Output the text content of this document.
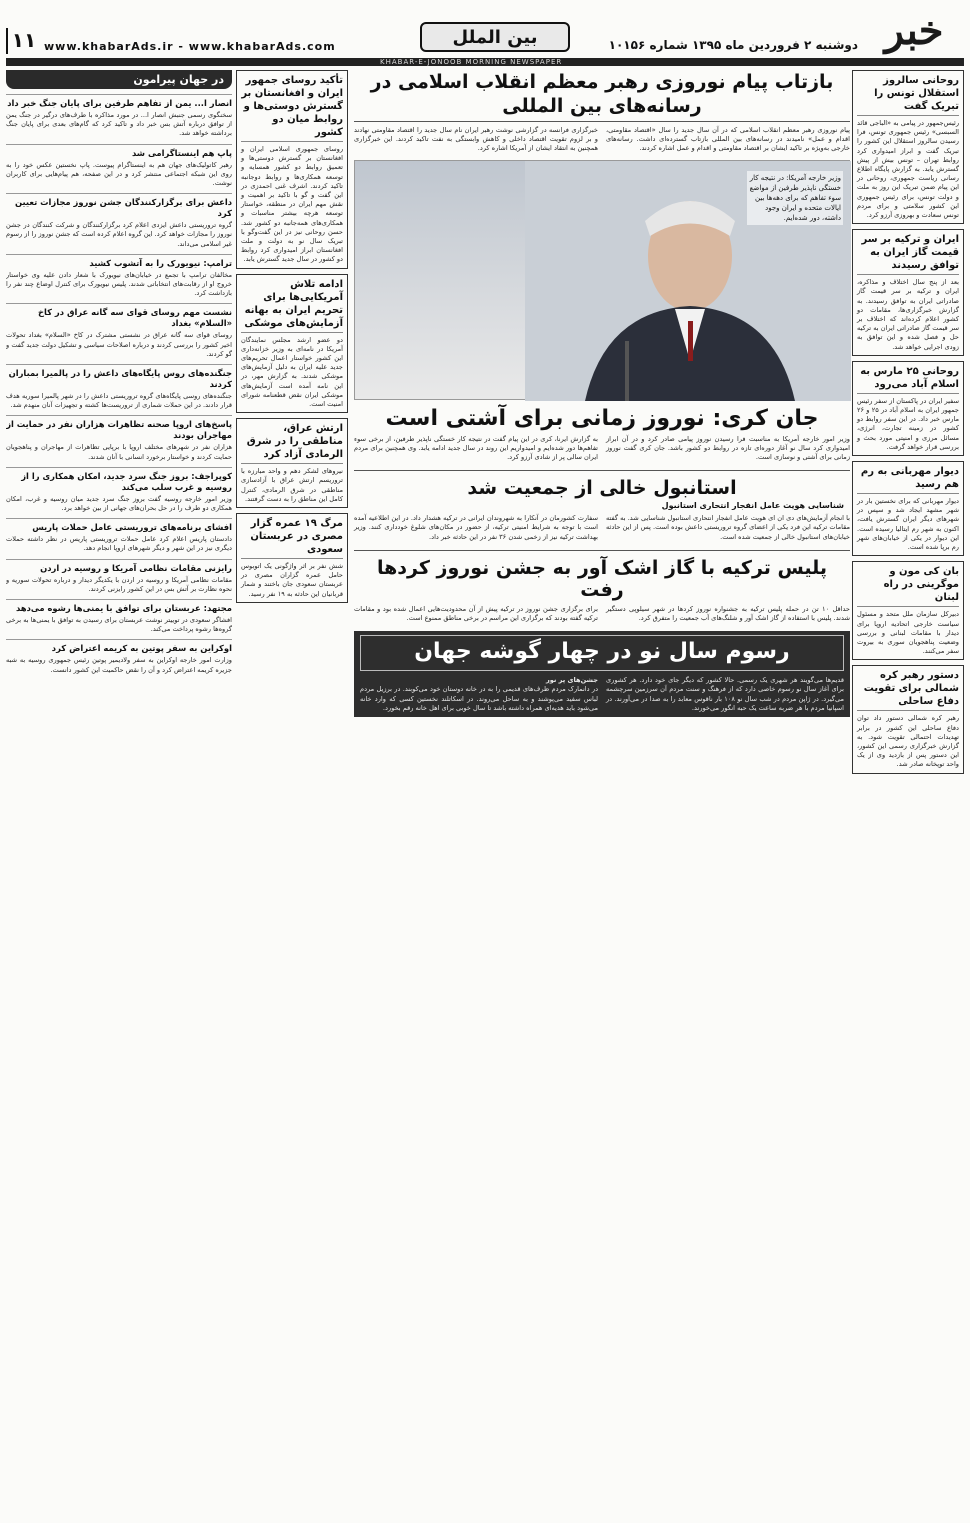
خبر
دوشنبه ۲ فروردین ماه ۱۳۹۵ شماره ۱۰۱۵۶
بین الملل
www.khabarAds.ir - www.khabarAds.com
۱۱
KHABAR-E-JONOOB MORNING NEWSPAPER
روحانی سالروز استقلال تونس را تبریک گفت
رئیس‌جمهور در پیامی به «الباجی قائد السبسی» رئیس جمهوری تونس، فرا رسیدن سالروز استقلال این کشور را تبریک گفت و ابراز امیدواری کرد روابط تهران – تونس بیش از پیش گسترش یابد. به گزارش پایگاه اطلاع رسانی ریاست جمهوری، روحانی در این پیام ضمن تبریک این روز به ملت و دولت تونس، برای رئیس جمهوری این کشور سلامتی و برای مردم تونس سعادت و بهروزی آرزو کرد.
ایران و ترکیه بر سر قیمت گاز ایران به توافق رسیدند
بعد از پنج سال اختلاف و مذاکره، ایران و ترکیه بر سر قیمت گاز صادراتی ایران به توافق رسیدند. به گزارش خبرگزاری‌ها، مقامات دو کشور اعلام کرده‌اند که اختلاف بر سر قیمت گاز صادراتی ایران به ترکیه حل و فصل شده و این توافق به زودی اجرایی خواهد شد.
روحانی ۲۵ مارس به اسلام آباد می‌رود
سفیر ایران در پاکستان از سفر رئیس جمهور ایران به اسلام آباد در ۲۵ و ۲۶ مارس خبر داد. در این سفر روابط دو کشور در زمینه تجارت، انرژی، مسائل مرزی و امنیتی مورد بحث و بررسی قرار خواهد گرفت.
دیوار مهربانی به رم هم رسید
دیوار مهربانی که برای نخستین بار در شهر مشهد ایجاد شد و سپس در شهرهای دیگر ایران گسترش یافت، اکنون به شهر رم ایتالیا رسیده است. این دیوار در یکی از خیابان‌های شهر رم برپا شده است.
بان کی مون و موگرینی در راه لبنان
دبیرکل سازمان ملل متحد و مسئول سیاست خارجی اتحادیه اروپا برای دیدار با مقامات لبنانی و بررسی وضعیت پناهجویان سوری به بیروت سفر می‌کنند.
دستور رهبر کره شمالی برای تقویت دفاع ساحلی
رهبر کره شمالی دستور داد توان دفاع ساحلی این کشور در برابر تهدیدات احتمالی تقویت شود. به گزارش خبرگزاری رسمی این کشور، این دستور پس از بازدید وی از یک واحد توپخانه صادر شد.
بازتاب پیام نوروزی رهبر معظم انقلاب اسلامی در رسانه‌های بین المللی
پیام نوروزی رهبر معظم انقلاب اسلامی که در آن سال جدید را سال «اقتصاد مقاومتی، اقدام و عمل» نامیدند در رسانه‌های بین المللی بازتاب گسترده‌ای داشت. رسانه‌های خارجی به‌ویژه بر تاکید ایشان بر اقتصاد مقاومتی و اقدام و عمل اشاره کردند.
خبرگزاری فرانسه در گزارشی نوشت رهبر ایران نام سال جدید را اقتصاد مقاومتی نهادند و بر لزوم تقویت اقتصاد داخلی و کاهش وابستگی به نفت تاکید کردند. این خبرگزاری همچنین به انتقاد ایشان از آمریکا اشاره کرد.
وزیر خارجه آمریکا: در نتیجه کار خستگی ناپذیر طرفین از مواضع سوء تفاهم که برای دهه‌ها بین ایالات متحده و ایران وجود داشته، دور شده‌ایم.
جان کری: نوروز زمانی برای آشتی است
وزیر امور خارجه آمریکا به مناسبت فرا رسیدن نوروز پیامی صادر کرد و در آن ابراز امیدواری کرد سال نو آغاز دوره‌ای تازه در روابط دو کشور باشد. جان کری گفت نوروز زمانی برای آشتی و نوسازی است.
به گزارش ایرنا، کری در این پیام گفت در نتیجه کار خستگی ناپذیر طرفین، از برخی سوء تفاهم‌ها دور شده‌ایم و امیدواریم این روند در سال جدید ادامه یابد. وی همچنین برای مردم ایران سالی پر از شادی آرزو کرد.
استانبول خالی از جمعیت شد
شناسایی هویت عامل انفجار انتحاری استانبول
با انجام آزمایش‌های دی ان ای هویت عامل انفجار انتحاری استانبول شناسایی شد. به گفته مقامات ترکیه این فرد یکی از اعضای گروه تروریستی داعش بوده است. پس از این حادثه خیابان‌های استانبول خالی از جمعیت شده است.
سفارت کشورمان در آنکارا به شهروندان ایرانی در ترکیه هشدار داد. در این اطلاعیه آمده است با توجه به شرایط امنیتی ترکیه، از حضور در مکان‌های شلوغ خودداری کنند. وزیر بهداشت ترکیه نیز از زخمی شدن ۳۶ نفر در این حادثه خبر داد.
پلیس ترکیه با گاز اشک آور به جشن نوروز کردها رفت
حداقل ۱۰ تن در حمله پلیس ترکیه به جشنواره نوروز کردها در شهر سیلوپی دستگیر شدند. پلیس با استفاده از گاز اشک آور و شلنگ‌های آب جمعیت را متفرق کرد.
برای برگزاری جشن نوروز در ترکیه پیش از آن محدودیت‌هایی اعمال شده بود و مقامات ترکیه گفته بودند که برگزاری این مراسم در برخی مناطق ممنوع است.
رسوم سال نو در چهار گوشه جهان
قدیم‌ها می‌گویند هر شهری یک رسمی. حالا کشور که دیگر جای خود دارد. هر کشوری برای آغاز سال نو رسوم خاصی دارد که از فرهنگ و سنت مردم آن سرزمین سرچشمه می‌گیرد. در ژاپن مردم در شب سال نو ۱۰۸ بار ناقوس معابد را به صدا در می‌آورند. در اسپانیا مردم با هر ضربه ساعت یک حبه انگور می‌خورند.
جشن‌های پر نور
در دانمارک مردم ظرف‌های قدیمی را به در خانه دوستان خود می‌کوبند. در برزیل مردم لباس سفید می‌پوشند و به ساحل می‌روند. در اسکاتلند نخستین کسی که وارد خانه می‌شود باید هدیه‌ای همراه داشته باشد تا سال خوبی برای اهل خانه رقم بخورد.
تأکید روسای جمهور ایران و افغانستان بر گسترش دوستی‌ها و روابط میان دو کشور
روسای جمهوری اسلامی ایران و افغانستان بر گسترش دوستی‌ها و تعمیق روابط دو کشور همسایه و توسعه همکاری‌ها و روابط دوجانبه تاکید کردند. اشرف غنی احمدزی در این گفت و گو با تاکید بر اهمیت و نقش مهم ایران در منطقه، خواستار توسعه هرچه بیشتر مناسبات و همکاری‌های همه‌جانبه دو کشور شد. حسن روحانی نیز در این گفت‌وگو با تبریک سال نو به دولت و ملت افغانستان ابراز امیدواری کرد روابط دو کشور در سال جدید گسترش یابد.
ادامه تلاش آمریکایی‌ها برای تحریم ایران به بهانه آزمایش‌های موشکی
دو عضو ارشد مجلس نمایندگان آمریکا در نامه‌ای به وزیر خزانه‌داری این کشور خواستار اعمال تحریم‌های جدید علیه ایران به دلیل آزمایش‌های موشکی شدند. به گزارش مهر، در این نامه آمده است آزمایش‌های موشکی ایران نقض قطعنامه شورای امنیت است.
ارتش عراق، مناطقی را در شرق الرمادی آزاد کرد
نیروهای لشکر دهم و واحد مبارزه با تروریسم ارتش عراق با آزادسازی مناطقی در شرق الرمادی، کنترل کامل این مناطق را به دست گرفتند.
مرگ ۱۹ عمره گزار مصری در عربستان سعودی
شش نفر بر اثر واژگونی یک اتوبوس حامل عمره گزاران مصری در عربستان سعودی جان باختند و شمار قربانیان این حادثه به ۱۹ نفر رسید.
در جهان پیرامون
انصار ا... یمن از تفاهم طرفین برای پایان جنگ خبر داد
سخنگوی رسمی جنبش انصار ا... در مورد مذاکره با طرف‌های درگیر در جنگ یمن از توافق درباره آتش بس خبر داد و تاکید کرد که گام‌های بعدی برای پایان جنگ برداشته خواهد شد.
پاپ هم اینستاگرامی شد
رهبر کاتولیک‌های جهان هم به اینستاگرام پیوست. پاپ نخستین عکس خود را به روی این شبکه اجتماعی منتشر کرد و در این صفحه، هم پیام‌هایی برای کاربران نوشت.
داعش برای برگزارکنندگان جشن نوروز مجازات تعیین کرد
گروه تروریستی داعش ایزدی اعلام کرد برگزارکنندگان و شرکت کنندگان در جشن نوروز را مجازات خواهد کرد. این گروه اعلام کرده است که جشن نوروز را از رسوم غیر اسلامی می‌داند.
ترامپ: نیویورک را به آتشوب کشید
مخالفان ترامپ با تجمع در خیابان‌های نیویورک با شعار دادن علیه وی خواستار خروج او از رقابت‌های انتخاباتی شدند. پلیس نیویورک برای کنترل اوضاع چند نفر را بازداشت کرد.
نشست مهم روسای قوای سه گانه عراق در کاخ «السلام» بغداد
روسای قوای سه گانه عراق در نشستی مشترک در کاخ «السلام» بغداد تحولات اخیر کشور را بررسی کردند و درباره اصلاحات سیاسی و تشکیل دولت جدید گفت و گو کردند.
جنگنده‌های روس پایگاه‌های داعش را در پالمیرا بمباران کردند
جنگنده‌های روسی پایگاه‌های گروه تروریستی داعش را در شهر پالمیرا سوریه هدف قرار دادند. در این حملات شماری از تروریست‌ها کشته و تجهیزات آنان منهدم شد.
پاسخ‌های اروپا صحنه تظاهرات هزاران نفر در حمایت از مهاجران بودند
هزاران نفر در شهرهای مختلف اروپا با برپایی تظاهرات از مهاجران و پناهجویان حمایت کردند و خواستار برخورد انسانی با آنان شدند.
کوپراجف: بروز جنگ سرد جدید، امکان همکاری را از روسیه و غرب سلب می‌کند
وزیر امور خارجه روسیه گفت بروز جنگ سرد جدید میان روسیه و غرب، امکان همکاری دو طرف را در حل بحران‌های جهانی از بین خواهد برد.
افشای برنامه‌های تروریستی عامل حملات پاریس
دادستان پاریس اعلام کرد عامل حملات تروریستی پاریس در نظر داشته حملات دیگری نیز در این شهر و دیگر شهرهای اروپا انجام دهد.
رایزنی مقامات نظامی آمریکا و روسیه در اردن
مقامات نظامی آمریکا و روسیه در اردن با یکدیگر دیدار و درباره تحولات سوریه و نحوه نظارت بر آتش بس در این کشور رایزنی کردند.
مجتهد: عربستان برای توافق با یمنی‌ها رشوه می‌دهد
افشاگر سعودی در توییتر نوشت عربستان برای رسیدن به توافق با یمنی‌ها به برخی گروه‌ها رشوه پرداخت می‌کند.
اوکراین به سفر پوتین به کریمه اعتراض کرد
وزارت امور خارجه اوکراین به سفر ولادیمیر پوتین رئیس جمهوری روسیه به شبه جزیره کریمه اعتراض کرد و آن را نقض حاکمیت این کشور دانست.
